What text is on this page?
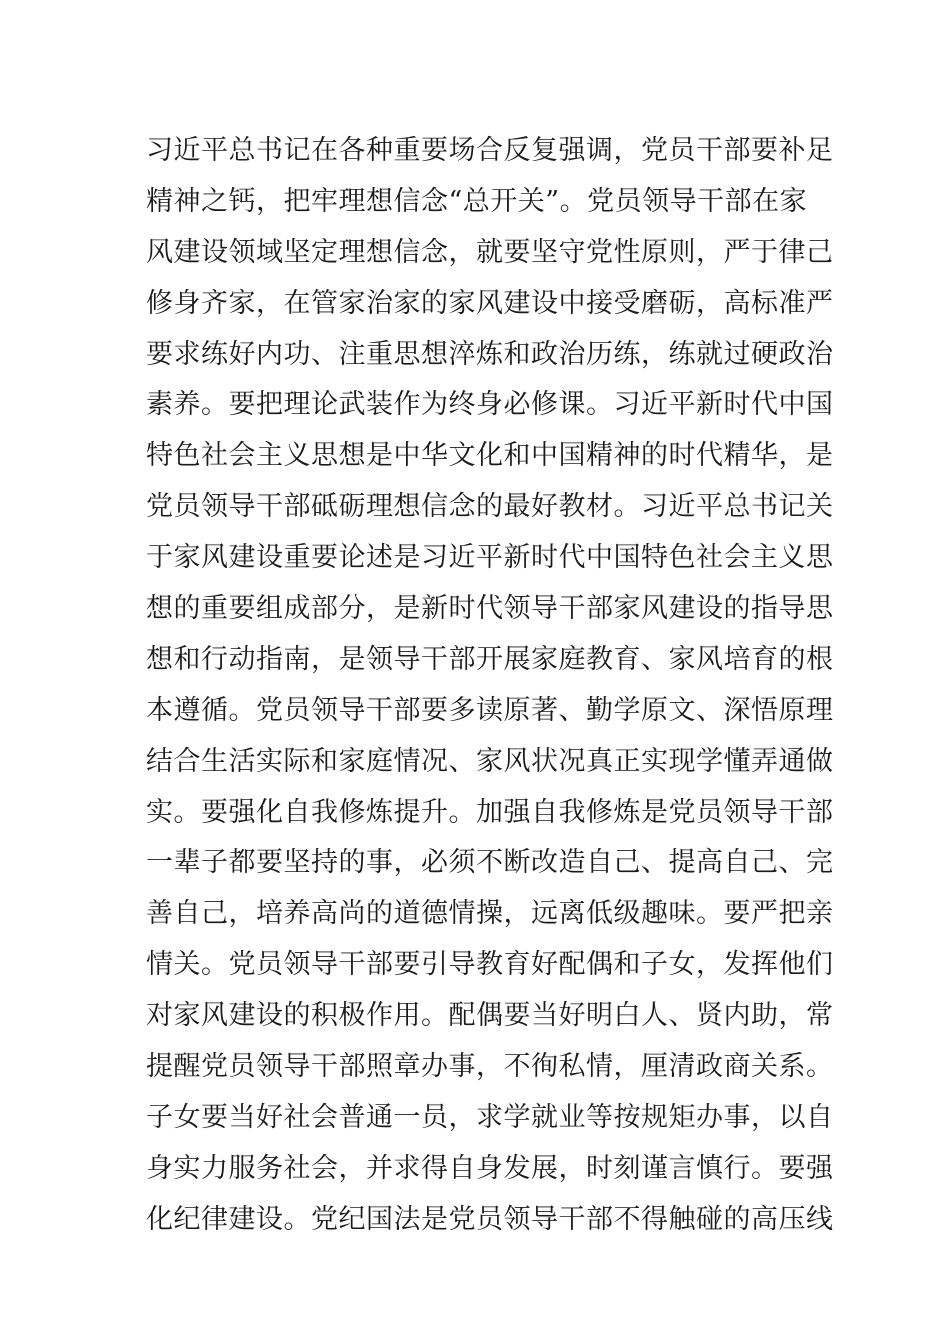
习近平总书记在各种重要场合反复强调，党员干部要补足
精神之钙，把牢理想信念“总开关”。党员领导干部在家
风建设领域坚定理想信念，就要坚守党性原则，严于律己
修身齐家，在管家治家的家风建设中接受磨砺，高标准严
要求练好内功、注重思想淬炼和政治历练，练就过硬政治
素养。要把理论武装作为终身必修课。习近平新时代中国
特色社会主义思想是中华文化和中国精神的时代精华，是
党员领导干部砥砺理想信念的最好教材。习近平总书记关
于家风建设重要论述是习近平新时代中国特色社会主义思
想的重要组成部分，是新时代领导干部家风建设的指导思
想和行动指南，是领导干部开展家庭教育、家风培育的根
本遵循。党员领导干部要多读原著、勤学原文、深悟原理
结合生活实际和家庭情况、家风状况真正实现学懂弄通做
实。要强化自我修炼提升。加强自我修炼是党员领导干部
一辈子都要坚持的事，必须不断改造自己、提高自己、完
善自己，培养高尚的道德情操，远离低级趣味。要严把亲
情关。党员领导干部要引导教育好配偶和子女，发挥他们
对家风建设的积极作用。配偶要当好明白人、贤内助，常
提醒党员领导干部照章办事，不徇私情，厘清政商关系。
子女要当好社会普通一员，求学就业等按规矩办事，以自
身实力服务社会，并求得自身发展，时刻谨言慎行。要强
化纪律建设。党纪国法是党员领导干部不得触碰的高压线
